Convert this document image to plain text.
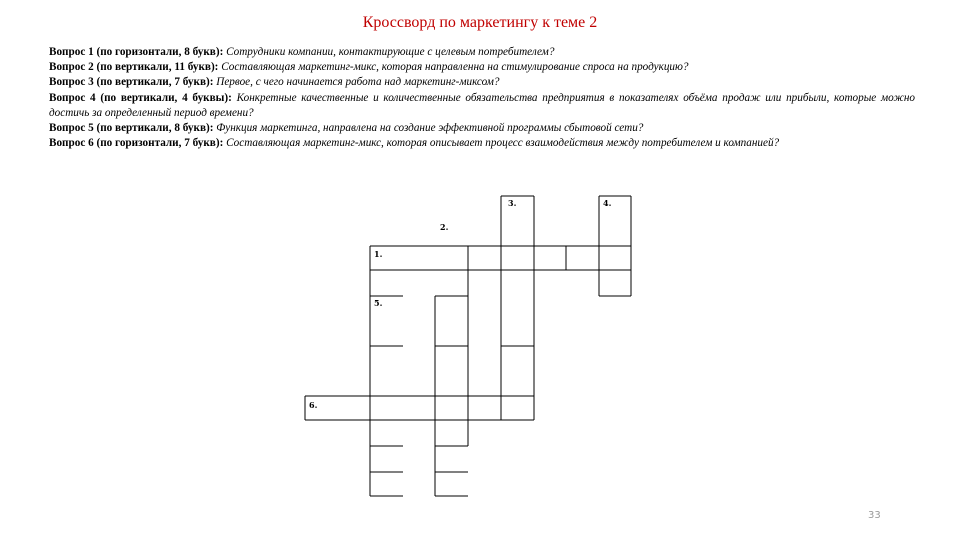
Кроссворд по маркетингу к теме 2

Вопрос 1 (по горизонтали, 8 букв): Сотрудники компании, контактирующие с целевым потребителем?

Вопрос 2 (по вертикали, 11 букв): Составляющая маркетинг-микс, которая направленна на стимулирование спроса на продукцию?

Вопрос 3 (по вертикали, 7 букв): Первое, с чего начинается работа над маркетинг-миксом?

Вопрос 4 (по вертикали, 4 буквы): Конкретные качественные и количественные обязательства предприятия в показателях объёма продаж или прибыли, которые можно достичь за определенный период времени?

Вопрос 5 (по вертикали, 8 букв): Функция маркетинга, направлена на создание эффективной программы сбытовой сети?

Вопрос 6 (по горизонтали, 7 букв): Составляющая маркетинг-микс, которая описывает процесс взаимодействия между потребителем и компанией?

1.
2.
3.	4.
5.
6.
33
